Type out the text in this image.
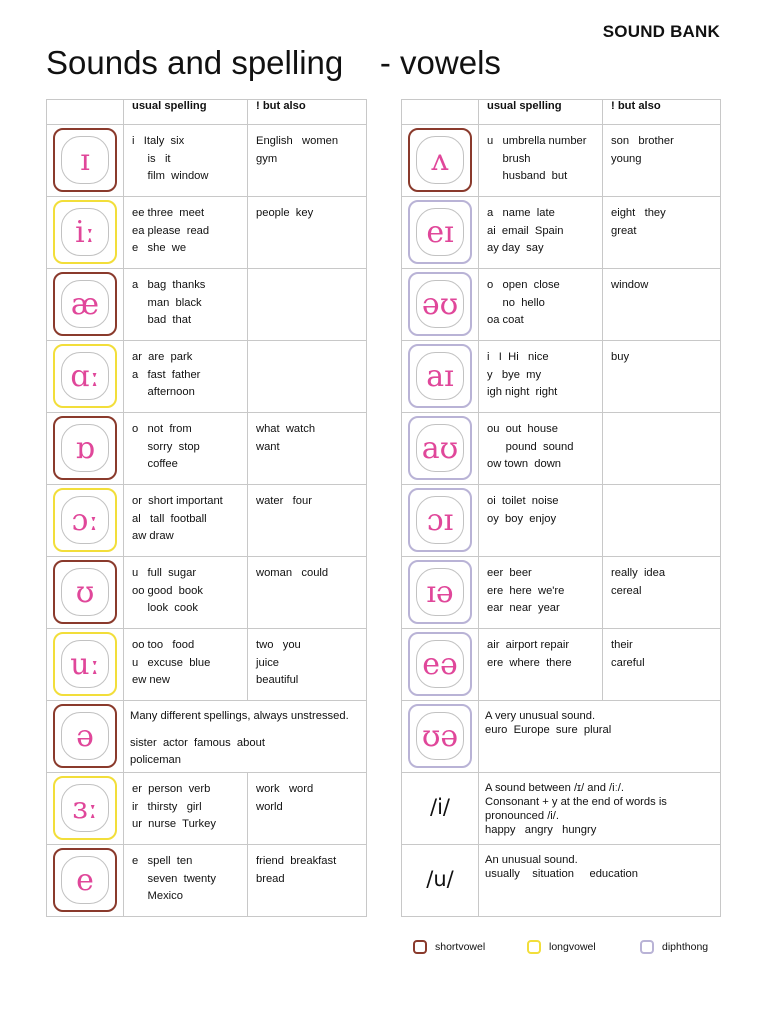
SOUND BANK
Sounds and spelling    - vowels
	usual spelling	! but also

ɪ	i   Italy  six
is   it
film  window	English   women
gym

iː	ee three  meet
ea please  read
e   she  we	people  key

æ	a   bag  thanks
man  black
bad  that	

ɑː	ar  are  park
a   fast  father
afternoon	

ɒ	o   not  from
sorry  stop
coffee	what  watch
want

ɔː	or  short important
al   tall  football
aw draw	water   four

ʊ	u   full  sugar
oo good  book
look  cook	woman   could

uː	oo too   food
u   excuse  blue
ew new	two   you
juice
beautiful

ə	Many different spellings, always unstressed.
sister  actor  famous  about
policeman	

ɜː	er  person  verb
ir   thirsty   girl
ur  nurse  Turkey	work   word
world

e	e   spell  ten
seven  twenty
Mexico	friend  breakfast
bread
	usual spelling	! but also

ʌ	u   umbrella number
brush
husband  but	son   brother
young

eɪ	a   name  late
ai  email  Spain
ay day  say	eight   they
great

əʊ	o   open  close
no  hello
oa coat	window

aɪ	i   I  Hi   nice
y   bye  my
igh night  right	buy

aʊ	ou  out  house
pound  sound
ow town  down	

ɔɪ	oi  toilet  noise
oy  boy  enjoy	

ɪə	eer  beer
ere  here  we're
ear  near  year	really  idea
cereal

eə	air  airport repair
ere  where  there	their
careful

ʊə	A very unusual sound.
euro  Europe  sure  plural	

/i/	A sound between /ɪ/ and /iː/.
Consonant + y at the end of words is
pronounced /i/.
happy   angry   hungry	

/u/	An unusual sound.
usually    situation     education	
shortvowel	longvowel	diphthong
